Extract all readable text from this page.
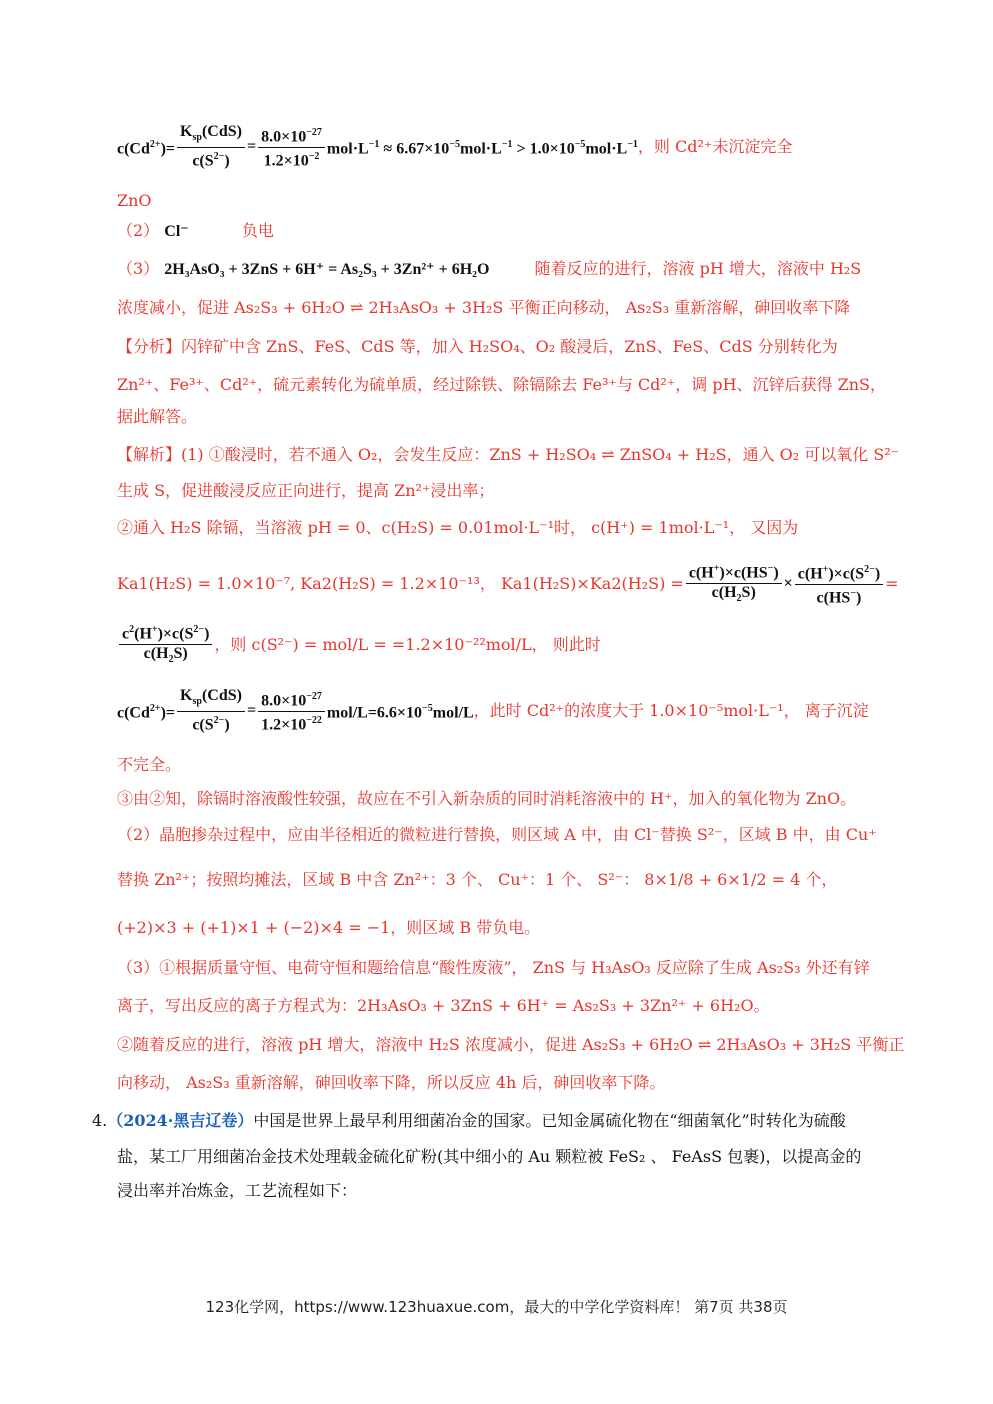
$c(Cd^{2+})= \frac{K_{sp}(CdS)}{c(S^{2-})} = \frac{8.0\times 10^{-27}}{1.2\times 10^{-2}} mol\cdot L^{-1} \approx 6.67\times 10^{-5}mol\cdot L^{-1} > 1.0\times 10^{-5}mol\cdot L^{-1}$ ，则 Cd²⁺未沉淀完全
ZnO
（2） Cl⁻	负电
（3） 2H₃AsO₃ + 3ZnS + 6H⁺ = As₂S₃ + 3Zn²⁺ + 6H₂O	随着反应的进行，溶液 pH 增大，溶液中 H₂S
浓度减小，促进 As₂S₃ + 6H₂O ⇌ 2H₃AsO₃ + 3H₂S 平衡正向移动， As₂S₃ 重新溶解，砷回收率下降
【分析】闪锌矿中含 ZnS、FeS、CdS 等，加入 H₂SO₄、O₂ 酸浸后，ZnS、FeS、CdS 分别转化为
Zn²⁺、Fe³⁺、Cd²⁺，硫元素转化为硫单质，经过除铁、除镉除去 Fe³⁺与 Cd²⁺，调 pH、沉锌后获得 ZnS，
据此解答。
【解析】(1) ①酸浸时，若不通入 O₂，会发生反应：ZnS + H₂SO₄ ⇌ ZnSO₄ + H₂S，通入 O₂ 可以氧化 S²⁻
生成 S，促进酸浸反应正向进行，提高 Zn²⁺浸出率；
②通入 H₂S 除镉，当溶液 pH = 0、c(H₂S) = 0.01mol·L⁻¹时， c(H⁺) = 1mol·L⁻¹， 又因为
Ka1(H₂S) = 1.0×10⁻⁷, Ka2(H₂S) = 1.2×10⁻¹³， $Ka1(H_2S)\times Ka2(H_2S) = \frac{c(H^+)\times c(HS^-)}{c(H_2S)} \times \frac{c(H^+)\times c(S^{2-})}{c(HS^-)}$ =
$\frac{c^2(H^+)\times c(S^{2-})}{c(H_2S)}$ ，则 c(S²⁻) = mol/L = =1.2×10⁻²²mol/L， 则此时
$c(Cd^{2+})= \frac{K_{sp}(CdS)}{c(S^{2-})} = \frac{8.0\times 10^{-27}}{1.2\times 10^{-22}} mol/L=6.6\times 10^{-5}mol/L$ ，此时 Cd²⁺的浓度大于 1.0×10⁻⁵mol·L⁻¹， 离子沉淀
不完全。
③由②知，除镉时溶液酸性较强，故应在不引入新杂质的同时消耗溶液中的 H⁺，加入的氧化物为 ZnO。
（2）晶胞掺杂过程中，应由半径相近的微粒进行替换，则区域 A 中，由 Cl⁻替换 S²⁻，区域 B 中，由 Cu⁺
替换 Zn²⁺；按照均摊法，区域 B 中含 Zn²⁺：3 个、 Cu⁺：1 个、 S²⁻： 8×1/8 + 6×1/2 = 4 个，
(+2)×3 + (+1)×1 + (−2)×4 = −1，则区域 B 带负电。
（3）①根据质量守恒、电荷守恒和题给信息“酸性废液”， ZnS 与 H₃AsO₃ 反应除了生成 As₂S₃ 外还有锌
离子，写出反应的离子方程式为：2H₃AsO₃ + 3ZnS + 6H⁺ = As₂S₃ + 3Zn²⁺ + 6H₂O。
②随着反应的进行，溶液 pH 增大，溶液中 H₂S 浓度减小，促进 As₂S₃ + 6H₂O ⇌ 2H₃AsO₃ + 3H₂S 平衡正
向移动， As₂S₃ 重新溶解，砷回收率下降，所以反应 4h 后，砷回收率下降。
4.（2024·黑吉辽卷）中国是世界上最早利用细菌冶金的国家。已知金属硫化物在“细菌氧化”时转化为硫酸
盐，某工厂用细菌冶金技术处理载金硫化矿粉(其中细小的 Au 颗粒被 FeS₂ 、 FeAsS 包裹)，以提高金的
浸出率并冶炼金，工艺流程如下：
123化学网，https://www.123huaxue.com，最大的中学化学资料库！ 第7页 共38页
